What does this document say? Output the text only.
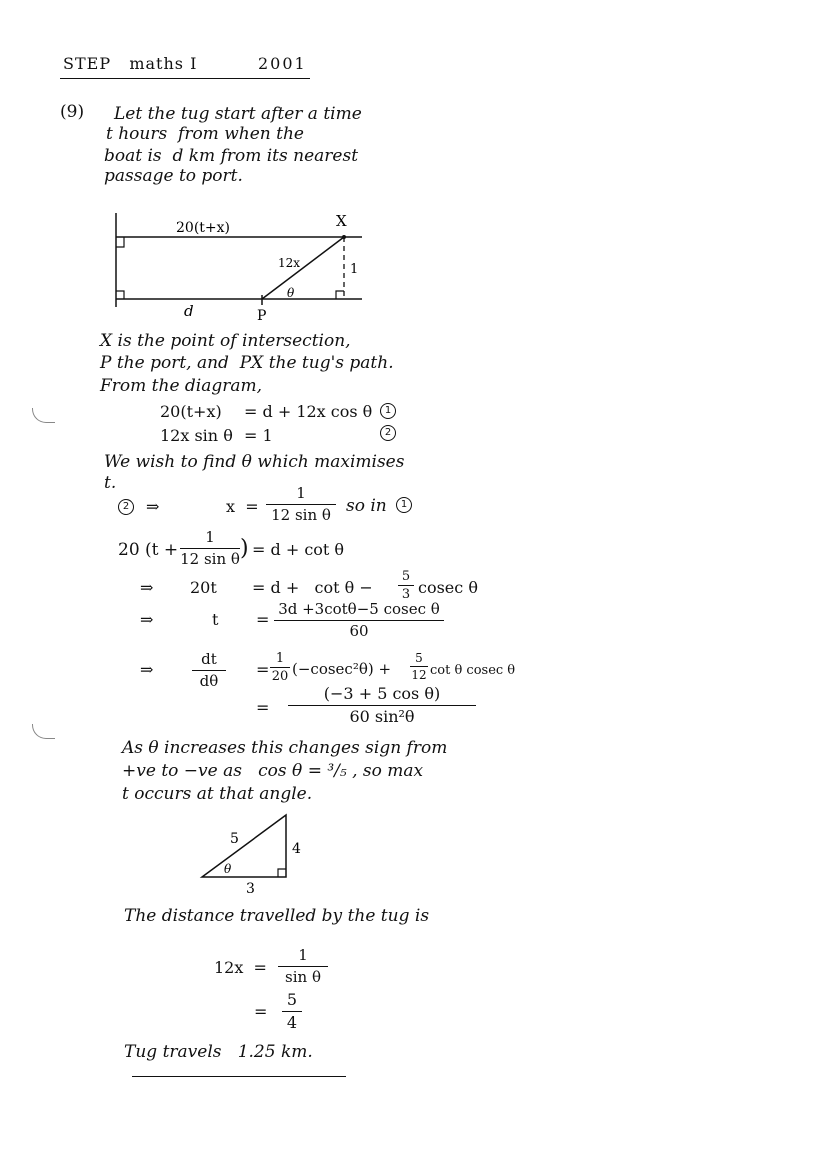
STEP   maths I	2001
(9) Let the tug start after a time
t hours  from when the
boat is  d km from its nearest
passage to port.
20(t+x)	X
12x	1
θ
d	P
X is the point of intersection,
P the port, and  PX the tug's path.
From the diagram,
20(t+x) = d + 12x cos θ	1
12x sin θ = 1	2
We wish to find θ which maximises
t.
2	⇒	x  =
1
12 sin θ so in	1
20 (t +
1
12 sin θ ) = d + cot θ
⇒ 20t = d +   cot θ −
5
3 cosec θ
⇒	t =
3d +3cotθ−5 cosec θ
60
⇒
dt
dθ
=
1
20 (−cosec²θ) +
5
12 cot θ cosec θ
=
(−3 + 5 cos θ)
60 sin²θ
As θ increases this changes sign from
+ve to −ve as   cos θ = ³/₅ , so max
t occurs at that angle.
5
4
3
θ
The distance travelled by the tug is
12x  =
1
sin θ
=
5
4
Tug travels   1.25 km.
